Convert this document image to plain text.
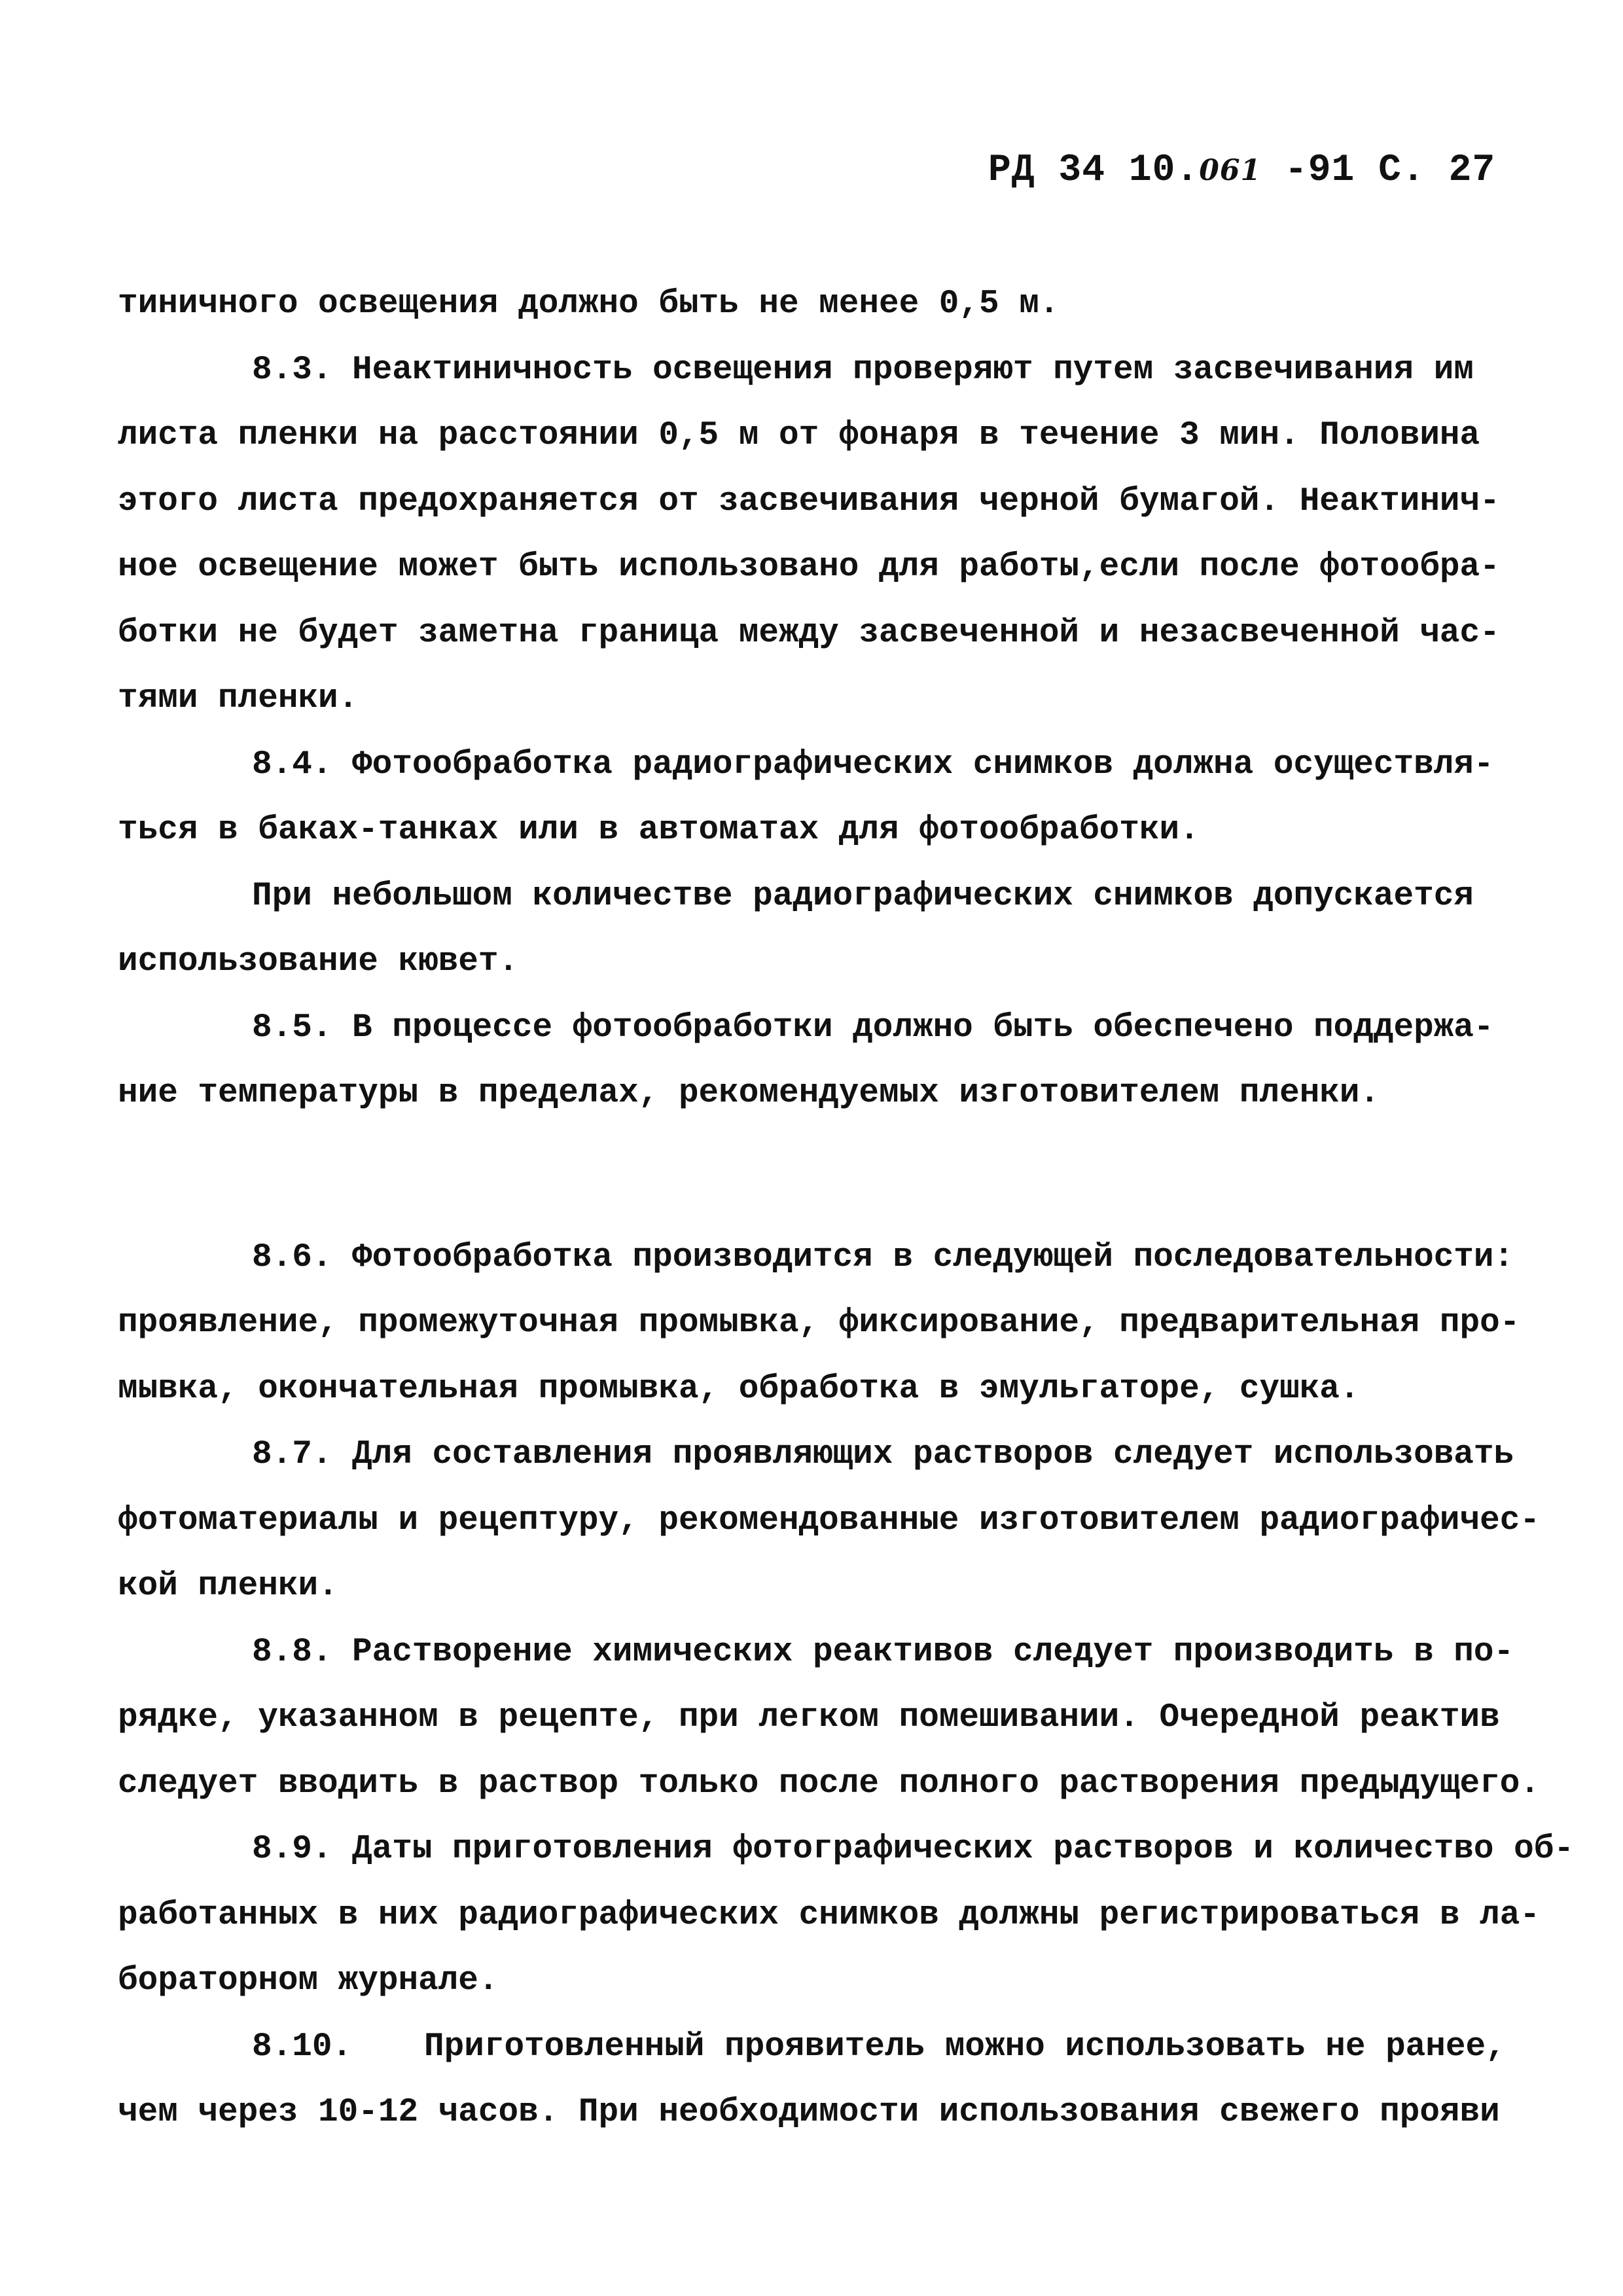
РД 34 10.061 -91 С. 27
тиничного освещения должно быть не менее 0,5 м.
8.3. Неактиничность освещения проверяют путем засвечивания им
листа пленки на расстоянии 0,5 м от фонаря в течение 3 мин. Половина
этого листа предохраняется от засвечивания черной бумагой. Неактинич-
ное освещение может быть использовано для работы,если после фотообра-
ботки не будет заметна граница между засвеченной и незасвеченной час-
тями пленки.
8.4. Фотообработка радиографических снимков должна осуществля-
ться в баках-танках или в автоматах для фотообработки.
При небольшом количестве радиографических снимков допускается
использование кювет.
8.5. В процессе фотообработки должно быть обеспечено поддержа-
ние температуры в пределах, рекомендуемых изготовителем пленки.
8.6. Фотообработка производится в следующей последовательности:
проявление, промежуточная промывка, фиксирование, предварительная про-
мывка, окончательная промывка, обработка в эмульгаторе, сушка.
8.7. Для составления проявляющих растворов следует использовать
фотоматериалы и рецептуру, рекомендованные изготовителем радиографичес-
кой пленки.
8.8. Растворение химических реактивов следует производить в по-
рядке, указанном в рецепте, при легком помешивании. Очередной реактив
следует вводить в раствор только после полного растворения предыдущего.
8.9. Даты приготовления фотографических растворов и количество об-
работанных в них радиографических снимков должны регистрироваться в ла-
бораторном журнале.
8.10. Приготовленный проявитель можно использовать не ранее,
чем через 10-12 часов. При необходимости использования свежего прояви
